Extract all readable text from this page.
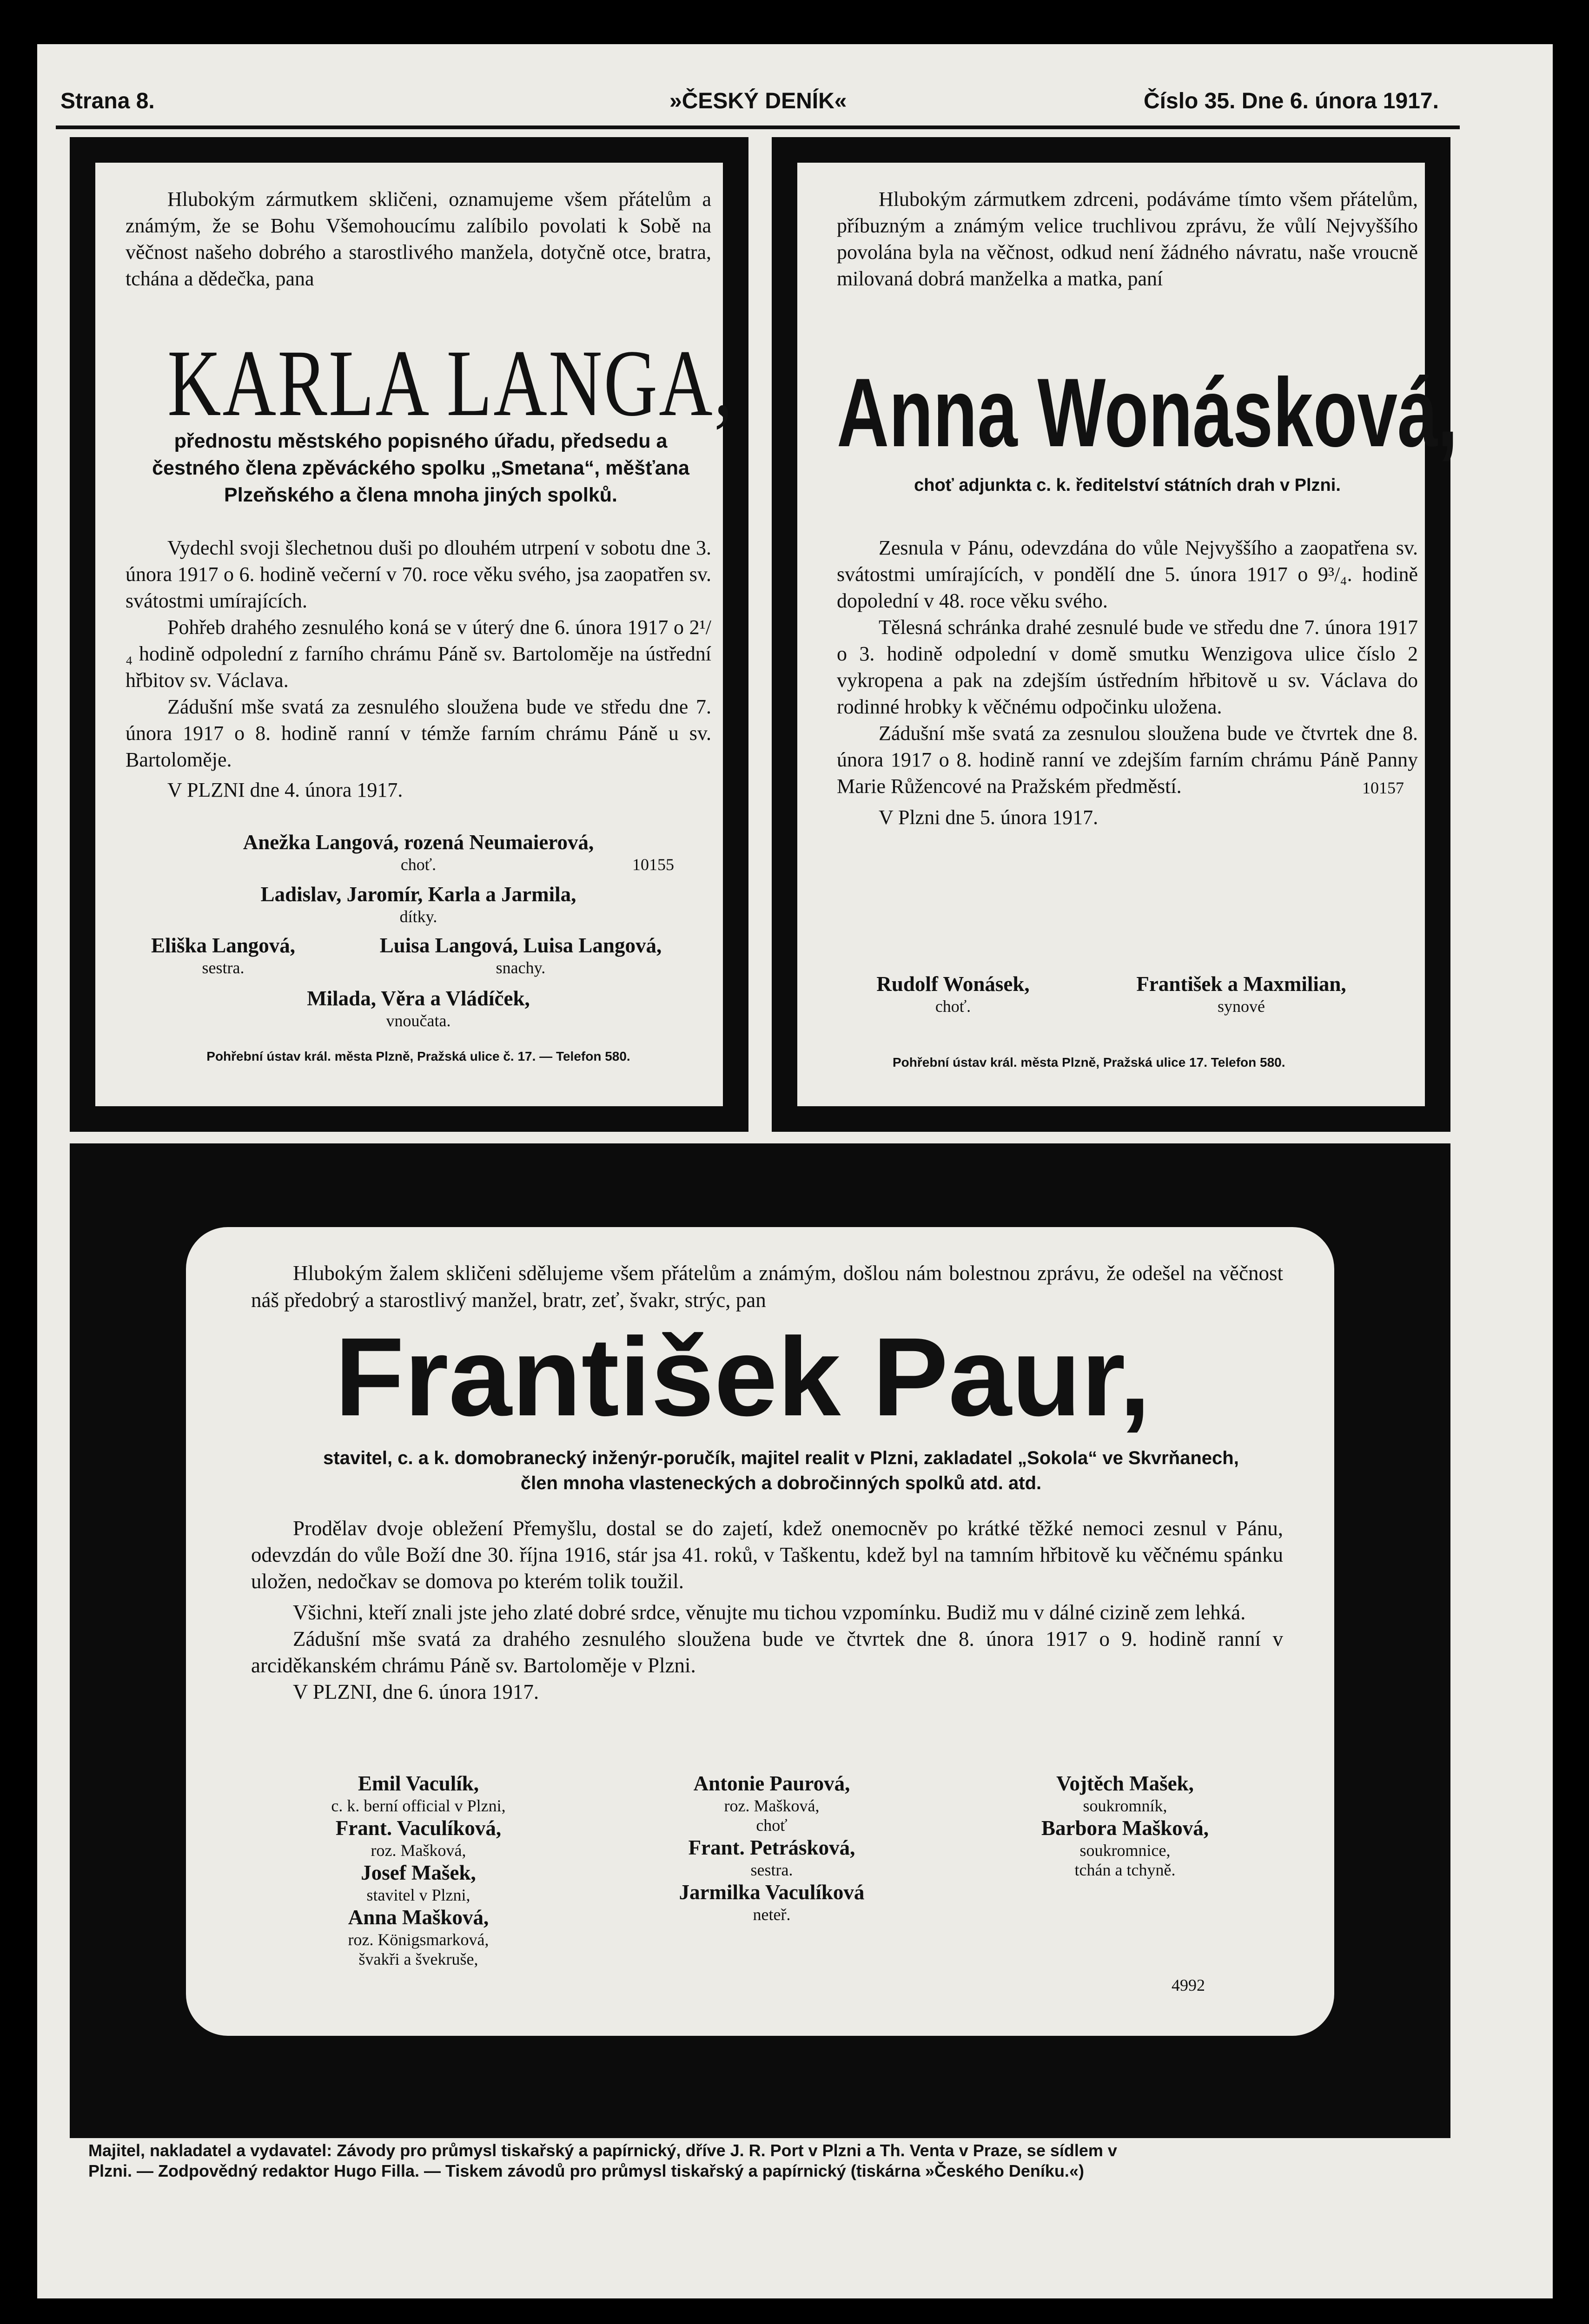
Strana 8.	»ČESKÝ DENÍK«	Číslo 35. Dne 6. února 1917.

Hlubokým zármutkem skličeni, oznamujeme všem přátelům a známým, že se Bohu Všemohoucímu zalíbilo povolati k Sobě na věčnost našeho dobrého a starostlivého manžela, dotyčně otce, bratra, tchána a dědečka, pana

KARLA LANGA,

přednostu městského popisného úřadu, předsedu a čestného člena zpěváckého spolku „Smetana“, měšťana Plzeňského a člena mnoha jiných spolků.

Vydechl svoji šlechetnou duši po dlouhém utrpení v sobotu dne 3. února 1917 o 6. hodině večerní v 70. roce věku svého, jsa zaopatřen sv. svátostmi umírajících.

Pohřeb drahého zesnulého koná se v úterý dne 6. února 1917 o 2¹/₄ hodině odpolední z farního chrámu Páně sv. Bartoloměje na ústřední hřbitov sv. Václava.

Zádušní mše svatá za zesnulého sloužena bude ve středu dne 7. února 1917 o 8. hodině ranní v témže farním chrámu Páně u sv. Bartoloměje.

V PLZNI dne 4. února 1917.

Anežka Langová, rozená Neumaierová,
choť.	10155
Ladislav, Jaromír, Karla a Jarmila,
dítky.
Eliška Langová,
sestra.
Luisa Langová, Luisa Langová,
snachy.
Milada, Věra a Vládíček,
vnoučata.
Pohřební ústav král. města Plzně, Pražská ulice č. 17. — Telefon 580.

Hlubokým zármutkem zdrceni, podáváme tímto všem přátelům, příbuzným a známým velice truchlivou zprávu, že vůlí Nejvyššího povolána byla na věčnost, odkud není žádného návratu, naše vroucně milovaná dobrá manželka a matka, paní

Anna Wonásková,

choť adjunkta c. k. ředitelství státních drah v Plzni.

Zesnula v Pánu, odevzdána do vůle Nejvyššího a zaopatřena sv. svátostmi umírajících, v pondělí dne 5. února 1917 o 9³/₄. hodině dopolední v 48. roce věku svého.

Tělesná schránka drahé zesnulé bude ve středu dne 7. února 1917 o 3. hodině odpolední v domě smutku Wenzigova ulice číslo 2 vykropena a pak na zdejším ústředním hřbitově u sv. Václava do rodinné hrobky k věčnému odpočinku uložena.

Zádušní mše svatá za zesnulou sloužena bude ve čtvrtek dne 8. února 1917 o 8. hodině ranní ve zdejším farním chrámu Páně Panny Marie Růžencové na Pražském předměstí.	10157

V Plzni dne 5. února 1917.

Rudolf Wonásek,
choť.
František a Maxmilian,
synové
Pohřební ústav král. města Plzně, Pražská ulice 17. Telefon 580.

Hlubokým žalem skličeni sdělujeme všem přátelům a známým, došlou nám bolestnou zprávu, že odešel na věčnost náš předobrý a starostlivý manžel, bratr, zeť, švakr, strýc, pan

František Paur,

stavitel, c. a k. domobranecký inženýr-poručík, majitel realit v Plzni, zakladatel „Sokola“ ve Skvrňanech, člen mnoha vlasteneckých a dobročinných spolků atd. atd.

Prodělav dvoje obležení Přemyšlu, dostal se do zajetí, kdež onemocněv po krátké těžké nemoci zesnul v Pánu, odevzdán do vůle Boží dne 30. října 1916, stár jsa 41. roků, v Taškentu, kdež byl na tamním hřbitově ku věčnému spánku uložen, nedočkav se domova po kterém tolik toužil.

Všichni, kteří znali jste jeho zlaté dobré srdce, věnujte mu tichou vzpomínku. Budiž mu v dálné cizině zem lehká.

Zádušní mše svatá za drahého zesnulého sloužena bude ve čtvrtek dne 8. února 1917 o 9. hodině ranní v arciděkanském chrámu Páně sv. Bartoloměje v Plzni.

V PLZNI, dne 6. února 1917.

Emil Vaculík,
c. k. berní official v Plzni,
Frant. Vaculíková,
roz. Mašková,
Josef Mašek,
stavitel v Plzni,
Anna Mašková,
roz. Königsmarková,
švakři a švekruše,
Antonie Paurová,
roz. Mašková,
choť
Frant. Petrásková,
sestra.
Jarmilka Vaculíková
neteř.
Vojtěch Mašek,
soukromník,
Barbora Mašková,
soukromnice,
tchán a tchyně.
4992
Majitel, nakladatel a vydavatel: Závody pro průmysl tiskařský a papírnický, dříve J. R. Port v Plzni a Th. Venta v Praze, se sídlem v
Plzni. — Zodpovědný redaktor Hugo Filla. — Tiskem závodů pro průmysl tiskařský a papírnický (tiskárna »Českého Deníku.«)
